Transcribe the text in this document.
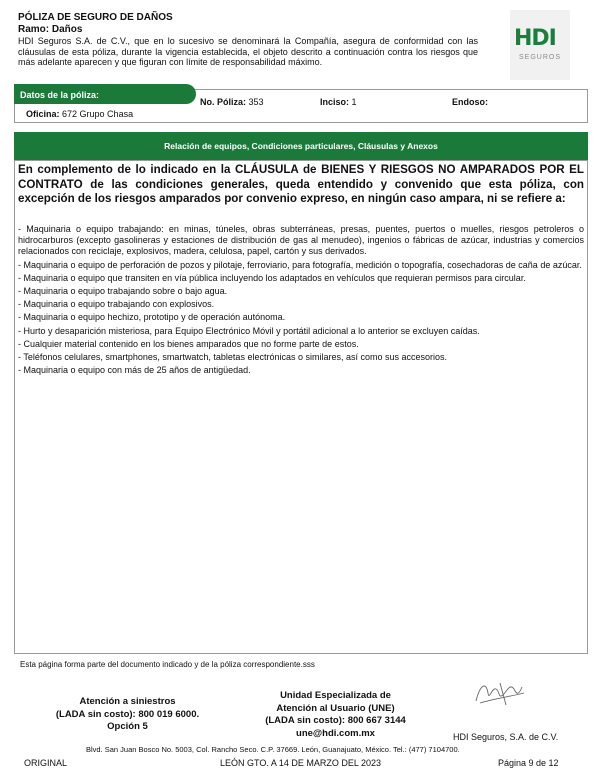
PÓLIZA DE SEGURO DE DAÑOS
Ramo: Daños
HDI Seguros S.A. de C.V., que en lo sucesivo se denominará la Compañía, asegura de conformidad con las cláusulas de esta póliza, durante la vigencia establecida, el objeto descrito a continuación contra los riesgos que más adelante aparecen y que figuran con límite de responsabilidad máximo.
HDI
SEGUROS
Datos de la póliza:
No. Póliza: 353	Inciso: 1	Endoso:
Oficina: 672 Grupo Chasa
Relación de equipos, Condiciones particulares, Cláusulas y Anexos
En complemento de lo indicado en la CLÁUSULA de BIENES Y RIESGOS NO AMPARADOS POR EL CONTRATO de las condiciones generales, queda entendido y convenido que esta póliza, con excepción de los riesgos amparados por convenio expreso, en ningún caso ampara, ni se refiere a:

- Maquinaria o equipo trabajando: en minas, túneles, obras subterráneas, presas, puentes, puertos o muelles, riesgos petroleros o hidrocarburos (excepto gasolineras y estaciones de distribución de gas al menudeo), ingenios o fábricas de azúcar, industrias y comercios relacionados con reciclaje, explosivos, madera, celulosa, papel, cartón y sus derivados.

- Maquinaria o equipo de perforación de pozos y pilotaje, ferroviario, para fotografía, medición o topografía, cosechadoras de caña de azúcar.

- Maquinaria o equipo que transiten en vía pública incluyendo los adaptados en vehículos que requieran permisos para circular.

- Maquinaria o equipo trabajando sobre o bajo agua.

- Maquinaria o equipo trabajando con explosivos.

- Maquinaria o equipo hechizo, prototipo y de operación autónoma.

- Hurto y desaparición misteriosa, para Equipo Electrónico Móvil y portátil adicional a lo anterior se excluyen caídas.

- Cualquier material contenido en los bienes amparados que no forme parte de estos.

- Teléfonos celulares, smartphones, smartwatch, tabletas electrónicas o similares, así como sus accesorios.

- Maquinaria o equipo con más de 25 años de antigüedad.

Esta página forma parte del documento indicado y de la póliza correspondiente.sss
Atención a siniestros
(LADA sin costo): 800 019 6000.
Opción 5
Unidad Especializada de
Atención al Usuario (UNE)
(LADA sin costo): 800 667 3144
une@hdi.com.mx	HDI Seguros, S.A. de C.V.
Blvd. San Juan Bosco No. 5003, Col. Rancho Seco. C.P. 37669. León, Guanajuato, México. Tel.: (477) 7104700.
ORIGINAL	LEÓN GTO. A 14 DE MARZO DEL 2023	Página 9 de 12
